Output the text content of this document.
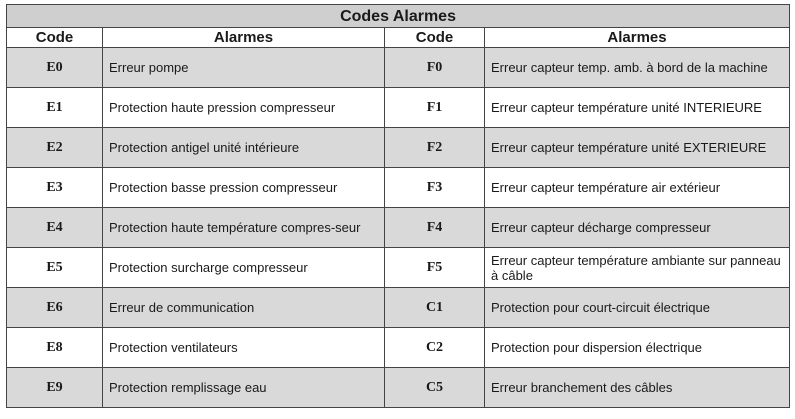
Codes Alarmes			
Code	Alarmes	Code	Alarmes
E0	Erreur pompe	F0	Erreur capteur temp. amb. à bord de la machine
E1	Protection haute pression compresseur	F1	Erreur capteur température unité INTERIEURE
E2	Protection antigel unité intérieure	F2	Erreur capteur température unité EXTERIEURE
E3	Protection basse pression compresseur	F3	Erreur capteur température air extérieur
E4	Protection haute température compres-seur	F4	Erreur capteur décharge compresseur
E5	Protection surcharge compresseur	F5	Erreur capteur température ambiante sur panneau à câble
E6	Erreur de communication	C1	Protection pour court-circuit électrique
E8	Protection ventilateurs	C2	Protection pour dispersion électrique
E9	Protection remplissage eau	C5	Erreur branchement des câbles
